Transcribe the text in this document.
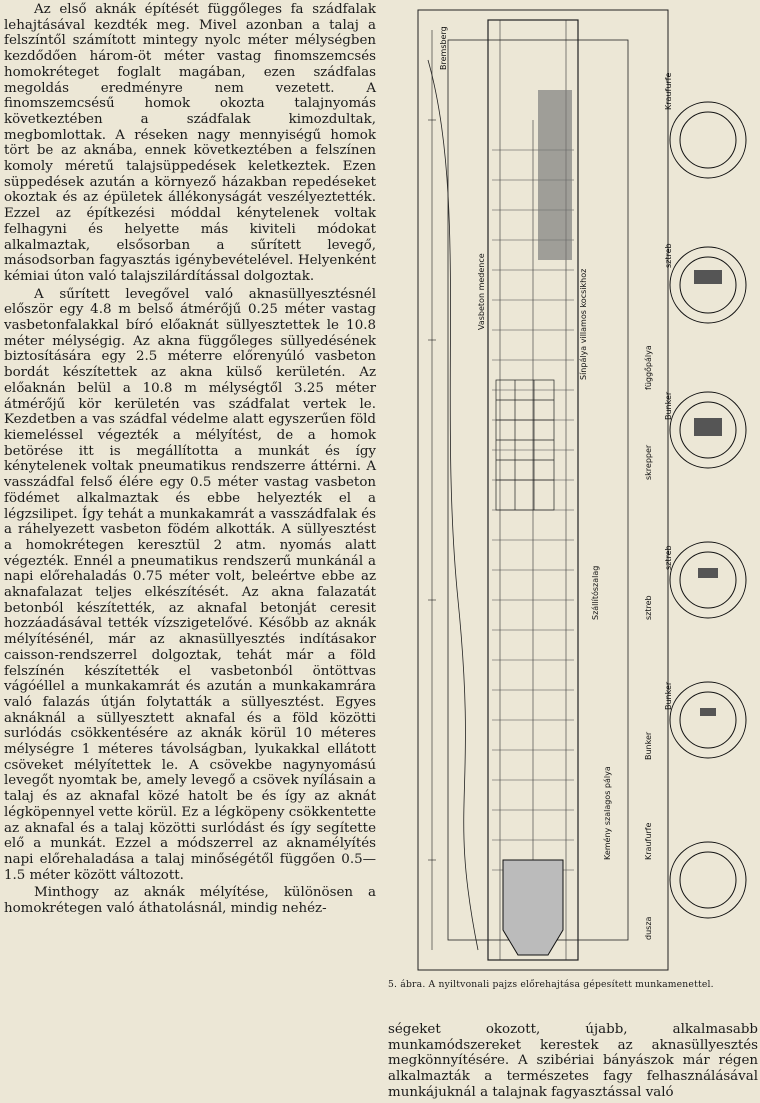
Az első aknák építését függőleges fa szádfalak lehajtásával kezdték meg. Mivel azonban a talaj a felszíntől számított mintegy nyolc méter mélységben kezdődően három-öt méter vastag finomszemcsés homokréteget foglalt magában, ezen szádfalas megoldás eredményre nem vezetett. A finomszemcsésű homok okozta talajnyomás következtében a szádfalak kimozdultak, megbomlottak. A réseken nagy mennyiségű homok tört be az aknába, ennek következtében a felszínen komoly méretű talajsüppedések keletkeztek. Ezen süppedések azután a környező házakban repedéseket okoztak és az épületek állékonyságát veszélyeztették. Ezzel az építkezési móddal kénytelenek voltak felhagyni és helyette más kiviteli módokat alkalmaztak, elsősorban a sűrített levegő, másodsorban fagyasztás igénybevételével. Helyenként kémiai úton való talajszilárdítással dolgoztak.

A sűrített levegővel való aknasüllyesztésnél először egy 4.8 m belső átmérőjű 0.25 méter vastag vasbetonfalakkal bíró előaknát süllyesztettek le 10.8 méter mélységig. Az akna függőleges süllyedésének biztosítására egy 2.5 méterre előrenyúló vasbeton bordát készítettek az akna külső kerületén. Az előaknán belül a 10.8 m mélységtől 3.25 méter átmérőjű kör kerületén vas szádfalat vertek le. Kezdetben a vas szádfal védelme alatt egyszerűen föld kiemeléssel végezték a mélyítést, de a homok betörése itt is megállította a munkát és így kénytelenek voltak pneumatikus rendszerre áttérni. A vasszádfal felső élére egy 0.5 méter vastag vasbeton födémet alkalmaztak és ebbe helyezték el a légzsilipet. Így tehát a munkakamrát a vasszádfalak és a ráhelyezett vasbeton födém alkották. A süllyesztést a homokrétegen keresztül 2 atm. nyomás alatt végezték. Ennél a pneumatikus rendszerű munkánál a napi előrehaladás 0.75 méter volt, beleértve ebbe az aknafalazat teljes elkészítését. Az akna falazatát betonból készítették, az aknafal betonját ceresit hozzáadásával tették vízszigetelővé. Később az aknák mélyítésénél, már az aknasüllyesztés indításakor caisson-rendszerrel dolgoztak, tehát már a föld felszínén készítették el vasbetonból öntöttvas vágóéllel a munkakamrát és azután a munkakamrára való falazás útján folytatták a süllyesztést. Egyes aknáknál a süllyesztett aknafal és a föld közötti surlódás csökkentésére az aknák körül 10 méteres mélységre 1 méteres távolságban, lyukakkal ellátott csöveket mélyítettek le. A csövekbe nagynyomású levegőt nyomtak be, amely levegő a csövek nyílásain a talaj és az aknafal közé hatolt be és így az aknát légköpennyel vette körül. Ez a légköpeny csökkentette az aknafal és a talaj közötti surlódást és így segítette elő a munkát. Ezzel a módszerrel az aknamélyítés napi előrehaladása a talaj minőségétől függően 0.5—1.5 méter között változott.

Minthogy az aknák mélyítése, különösen a homokrétegen való áthatolásnál, mindig nehéz-

Bremsberg
Kraufurfe
sztreb
Bunker
sztreb
Bunker
függőpálya
skrepper
sztreb
Bunker
Kraufurfe
dusza
Vasbeton medence	Sínpálya villamos kocsikhoz
Szállítószalag
Kemény szalagos pálya
5. ábra. A nyiltvonali pajzs előrehajtása gépesített munkamenettel.

ségeket okozott, újabb, alkalmasabb munkamódszereket kerestek az aknasüllyesztés megkönnyítésére. A szibériai bányászok már régen alkalmazták a természetes fagy felhasználásával munkájuknál a talajnak fagyasztással való
